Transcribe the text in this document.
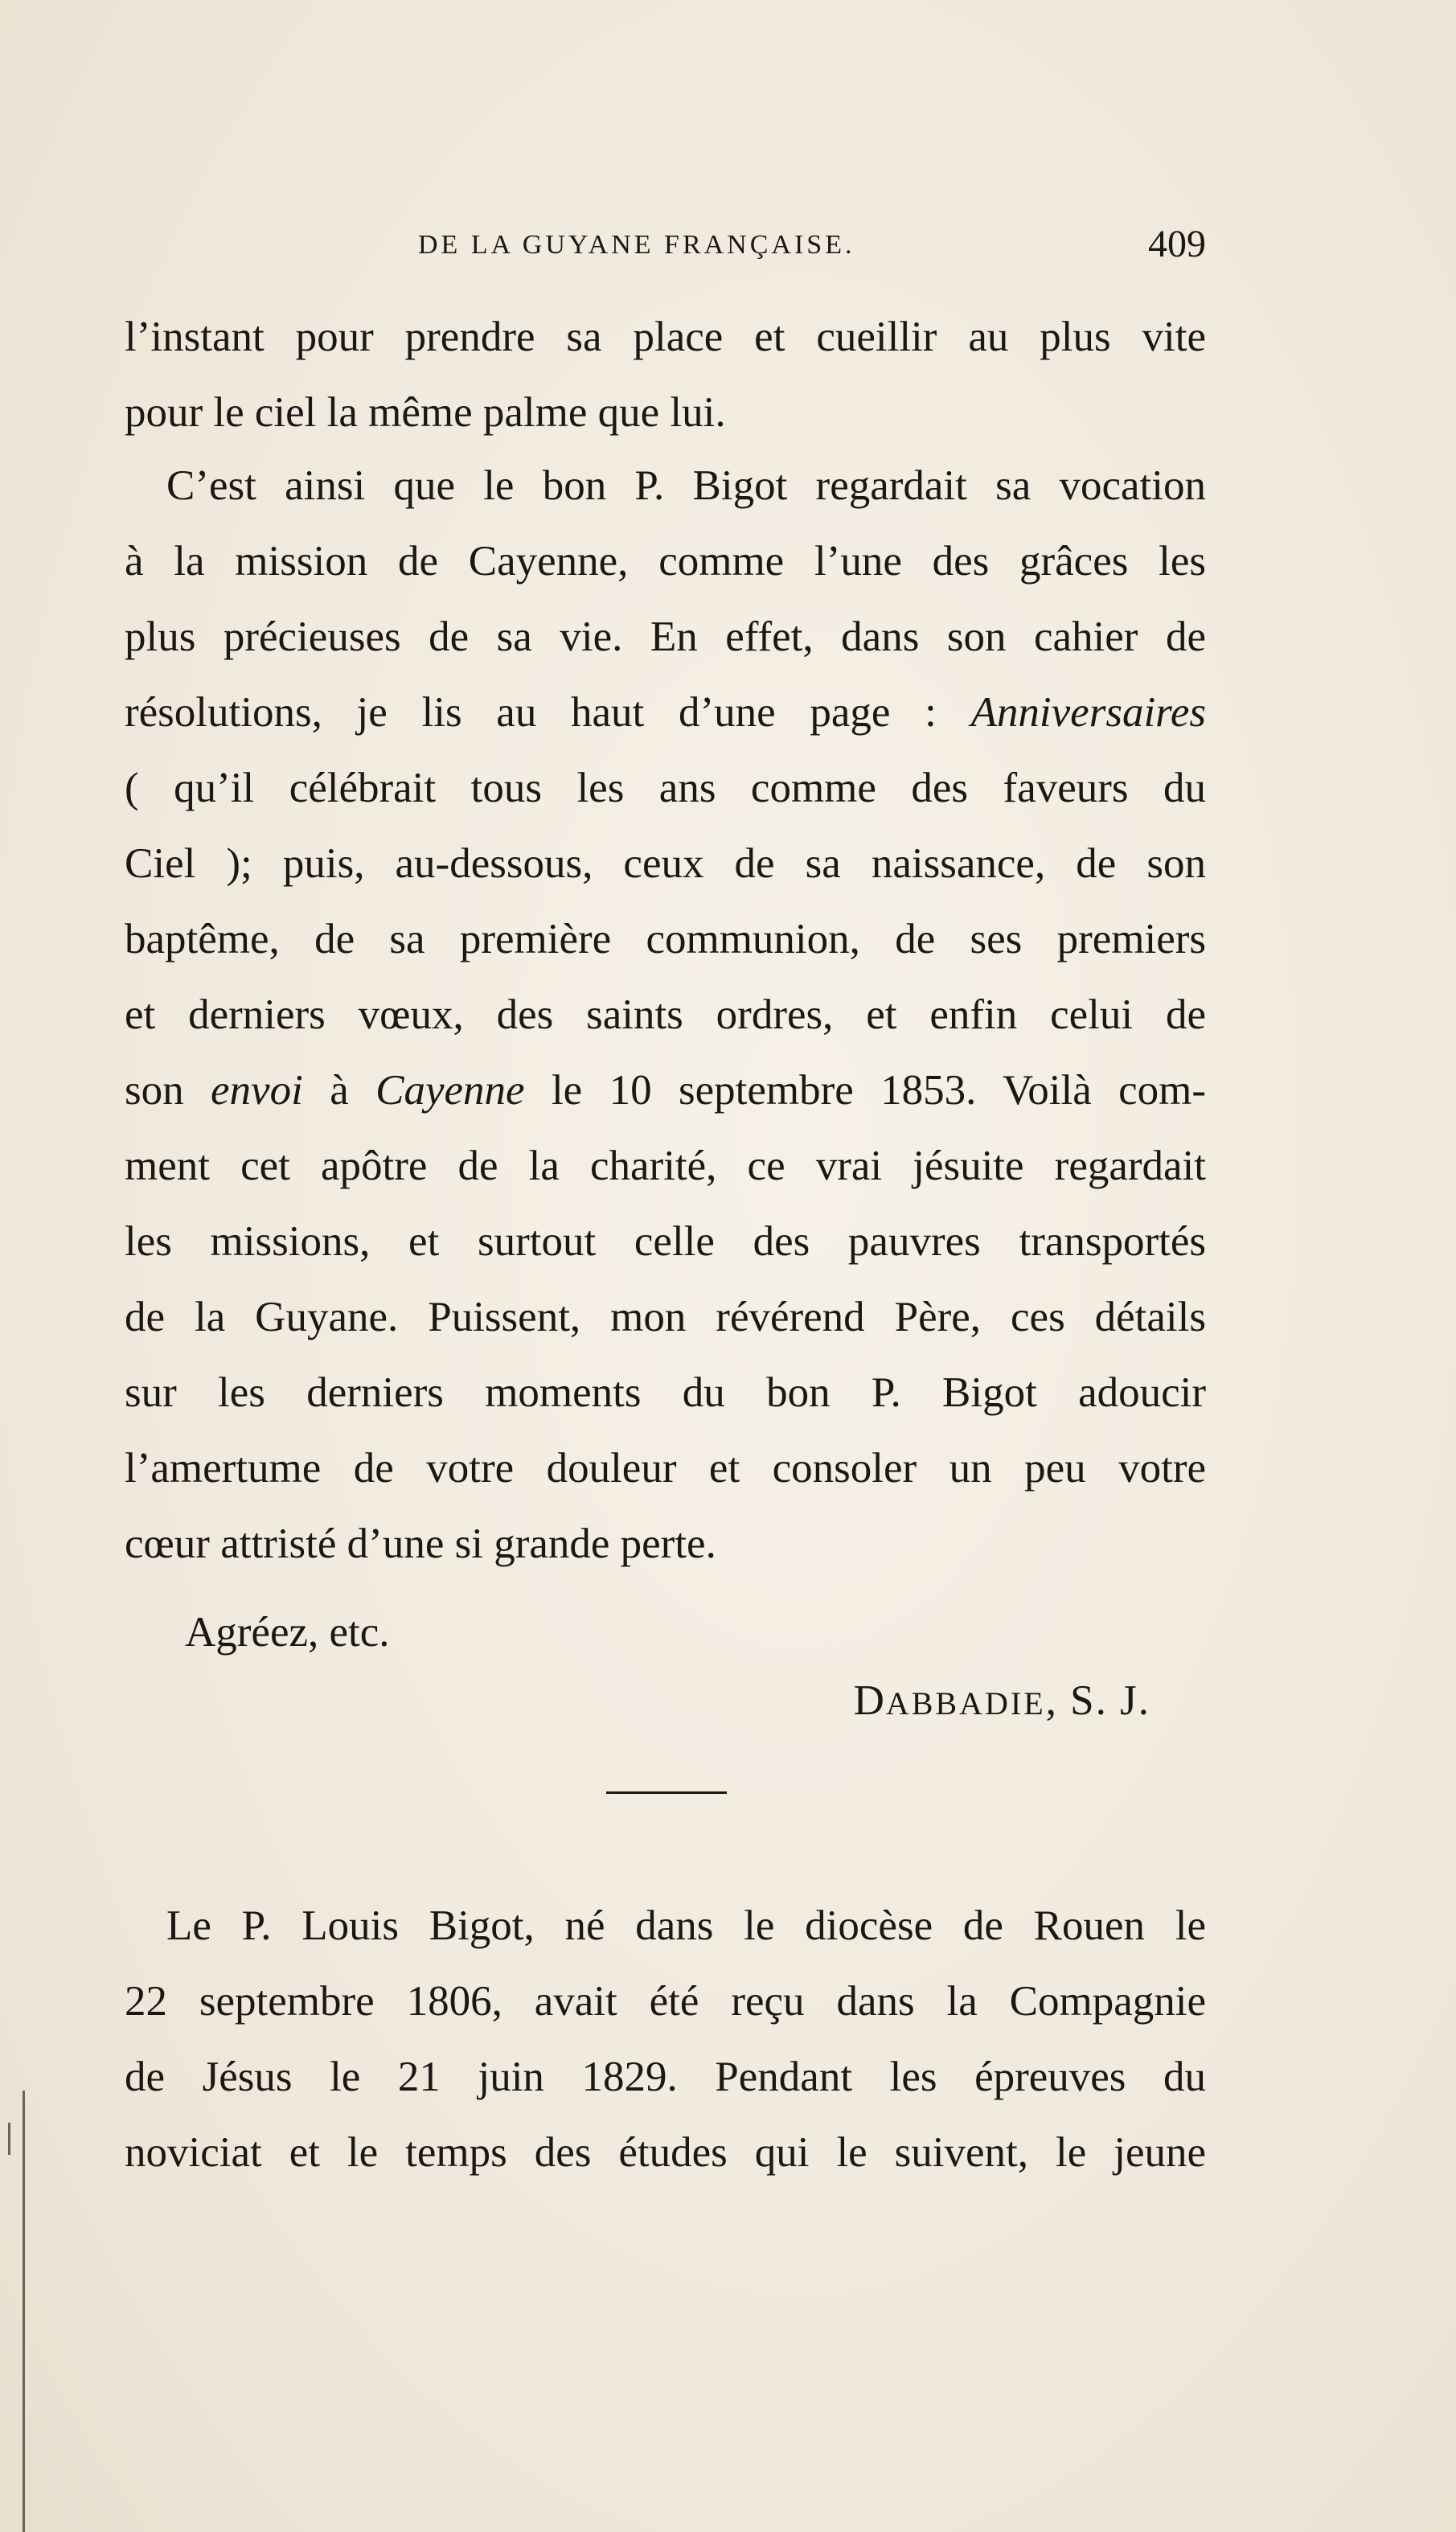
DE LA GUYANE FRANÇAISE.	409
l’instant pour prendre sa place et cueillir au plus vite
pour le ciel la même palme que lui.
C’est ainsi que le bon P. Bigot regardait sa vocation
à la mission de Cayenne, comme l’une des grâces les
plus précieuses de sa vie. En effet, dans son cahier de
résolutions, je lis au haut d’une page : Anniversaires
( qu’il célébrait tous les ans comme des faveurs du
Ciel ); puis, au-dessous, ceux de sa naissance, de son
baptême, de sa première communion, de ses premiers
et derniers vœux, des saints ordres, et enfin celui de
son envoi à Cayenne le 10 septembre 1853. Voilà com-
ment cet apôtre de la charité, ce vrai jésuite regardait
les missions, et surtout celle des pauvres transportés
de la Guyane. Puissent, mon révérend Père, ces détails
sur les derniers moments du bon P. Bigot adoucir
l’amertume de votre douleur et consoler un peu votre
cœur attristé d’une si grande perte.
Agréez, etc.
DABBADIE, S. J.
Le P. Louis Bigot, né dans le diocèse de Rouen le
22 septembre 1806, avait été reçu dans la Compagnie
de Jésus le 21 juin 1829. Pendant les épreuves du
noviciat et le temps des études qui le suivent, le jeune
